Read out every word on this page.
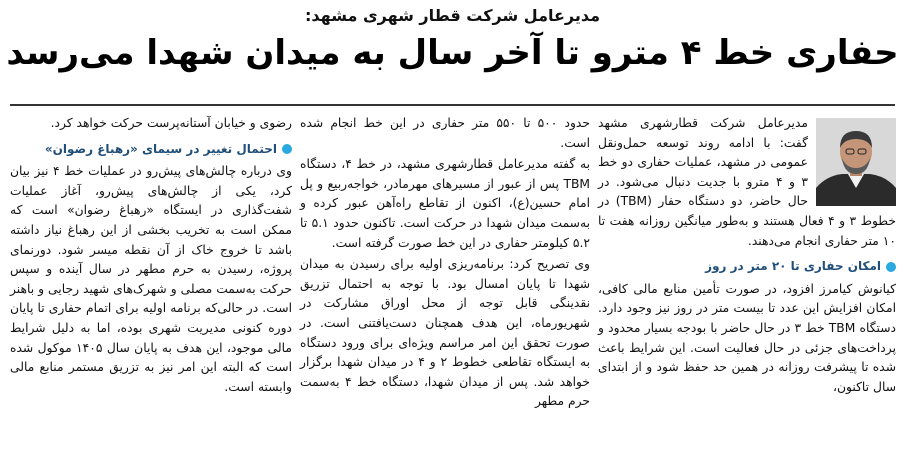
مدیرعامل شرکت قطار شهری مشهد:
حفاری خط ۴ مترو تا آخر سال به میدان شهدا می‌رسد

مدیرعامل شرکت قطارشهری مشهد گفت: با ادامه روند توسعه حمل‌ونقل عمومی در مشهد، عملیات حفاری دو خط ۳ و ۴ مترو با جدیت دنبال می‌شود. در حال حاضر، دو دستگاه حفار (TBM) در خطوط ۳ و ۴ فعال هستند و به‌طور میانگین روزانه هفت تا ۱۰ متر حفاری انجام می‌دهند.

امکان حفاری تا ۲۰ متر در روز

کیانوش کیامرز افزود، در صورت تأمین منابع مالی کافی، امکان افزایش این عدد تا بیست متر در روز نیز وجود دارد. دستگاه TBM خط ۳ در حال حاضر با بودجه بسیار محدود و پرداخت‌های جزئی در حال فعالیت است. این شرایط باعث شده تا پیشرفت روزانه در همین حد حفظ شود و از ابتدای سال تاکنون،

حدود ۵۰۰ تا ۵۵۰ متر حفاری در این خط انجام شده است.

به گفته مدیرعامل قطارشهری مشهد، در خط ۴، دستگاه TBM پس از عبور از مسیرهای مهرمادر، خواجه‌ربیع و پل امام حسین(ع)، اکنون از تقاطع راه‌آهن عبور کرده و به‌سمت میدان شهدا در حرکت است. تاکنون حدود ۵.۱ تا ۵.۲ کیلومتر حفاری در این خط صورت گرفته است.

وی تصریح کرد: برنامه‌ریزی اولیه برای رسیدن به میدان شهدا تا پایان امسال بود. با توجه به احتمال تزریق نقدینگی قابل توجه از محل اوراق مشارکت در شهریورماه، این هدف همچنان دست‌یافتنی است. در صورت تحقق این امر مراسم ویژه‌ای برای ورود دستگاه به ایستگاه تقاطعی خطوط ۲ و ۴ در میدان شهدا برگزار خواهد شد. پس از میدان شهدا، دستگاه خط ۴ به‌سمت حرم مطهر

رضوی و خیابان آستانه‌پرست حرکت خواهد کرد.

احتمال تغییر در سیمای «رهباغ رضوان»

وی درباره چالش‌های پیش‌رو در عملیات خط ۴ نیز بیان کرد، یکی از چالش‌های پیش‌رو، آغاز عملیات شفت‌گذاری در ایستگاه «رهباغ رضوان» است که ممکن است به تخریب بخشی از این رهباغ نیاز داشته باشد تا خروج خاک از آن نقطه میسر شود. دورنمای پروژه، رسیدن به حرم مطهر در سال آینده و سپس حرکت به‌سمت مصلی و شهرک‌های شهید رجایی و باهنر است. در حالی‌که برنامه اولیه برای اتمام حفاری تا پایان دوره کنونی مدیریت شهری بوده، اما به دلیل شرایط مالی موجود، این هدف به پایان سال ۱۴۰۵ موکول شده است که البته این امر نیز به تزریق مستمر منابع مالی وابسته است.
